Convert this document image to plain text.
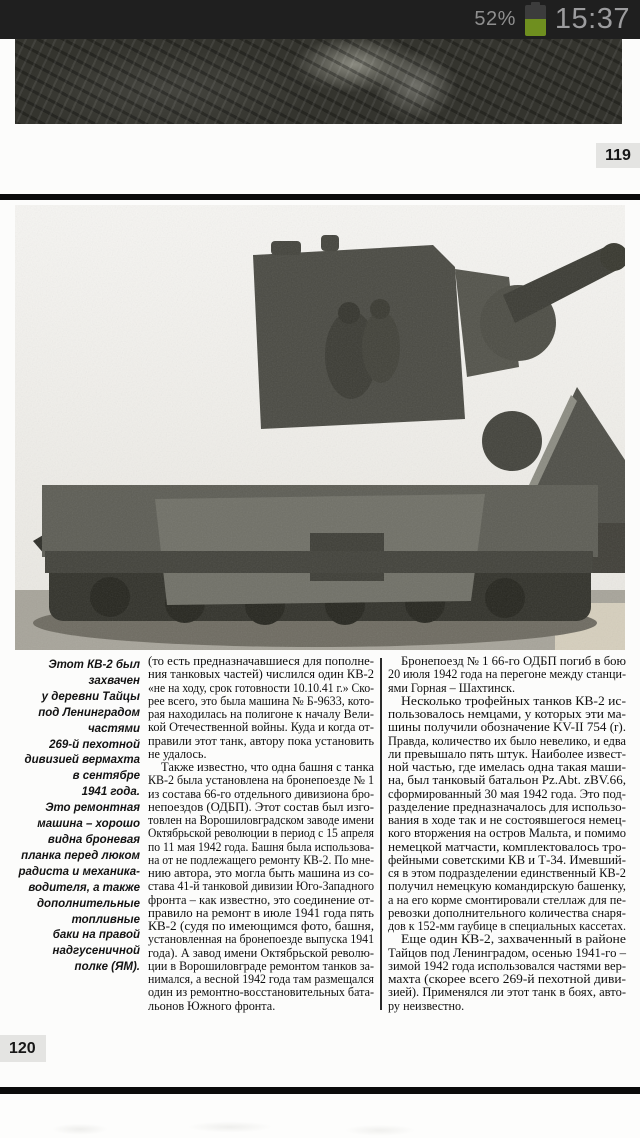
52% 15:37
119
Этот КВ-2 был
захвачен
у деревни Тайцы
под Ленинградом
частями
269-й пехотной
дивизией вермахта
в сентябре
1941 года.
Это ремонтная
машина – хорошо
видна броневая
планка перед люком
радиста и механика-
водителя, а также
дополнительные
топливные
баки на правой
надгусеничной
полке (ЯМ).
(то есть предназначавшиеся для пополне-
ния танковых частей) числился один КВ-2
«не на ходу, срок готовности 10.10.41 г.» Ско-
рее всего, это была машина № Б-9633, кото-
рая находилась на полигоне к началу Вели-
кой Отечественной войны. Куда и когда от-
правили этот танк, автору пока установить
не удалось.
Также известно, что одна башня с танка
КВ-2 была установлена на бронепоезде № 1
из состава 66-го отдельного дивизиона бро-
непоездов (ОДБП). Этот состав был изго-
товлен на Ворошиловградском заводе имени
Октябрьской революции в период с 15 апреля
по 11 мая 1942 года. Башня была использова-
на от не подлежащего ремонту КВ-2. По мне-
нию автора, это могла быть машина из со-
става 41-й танковой дивизии Юго-Западного
фронта – как известно, это соединение от-
правило на ремонт в июле 1941 года пять
КВ-2 (судя по имеющимся фото, башня,
установленная на бронепоезде выпуска 1941
года). А завод имени Октябрьской револю-
ции в Ворошиловграде ремонтом танков за-
нимался, а весной 1942 года там размещался
один из ремонтно-восстановительных бата-
льонов Южного фронта.
Бронепоезд № 1 66-го ОДБП погиб в бою
20 июля 1942 года на перегоне между станци-
ями Горная – Шахтинск.
Несколько трофейных танков КВ-2 ис-
пользовалось немцами, у которых эти ма-
шины получили обозначение KV-II 754 (r).
Правда, количество их было невелико, и едва
ли превышало пять штук. Наиболее извест-
ной частью, где имелась одна такая маши-
на, был танковый батальон Pz.Abt. zBV.66,
сформированный 30 мая 1942 года. Это под-
разделение предназначалось для использо-
вания в ходе так и не состоявшегося немец-
кого вторжения на остров Мальта, и помимо
немецкой матчасти, комплектовалось тро-
фейными советскими КВ и Т-34. Имевший-
ся в этом подразделении единственный КВ-2
получил немецкую командирскую башенку,
а на его корме смонтировали стеллаж для пе-
ревозки дополнительного количества снаря-
дов к 152-мм гаубице в специальных кассетах.
Еще один КВ-2, захваченный в районе
Тайцов под Ленинградом, осенью 1941-го –
зимой 1942 года использовался частями вер-
махта (скорее всего 269-й пехотной диви-
зией). Применялся ли этот танк в боях, авто-
ру неизвестно.
120
